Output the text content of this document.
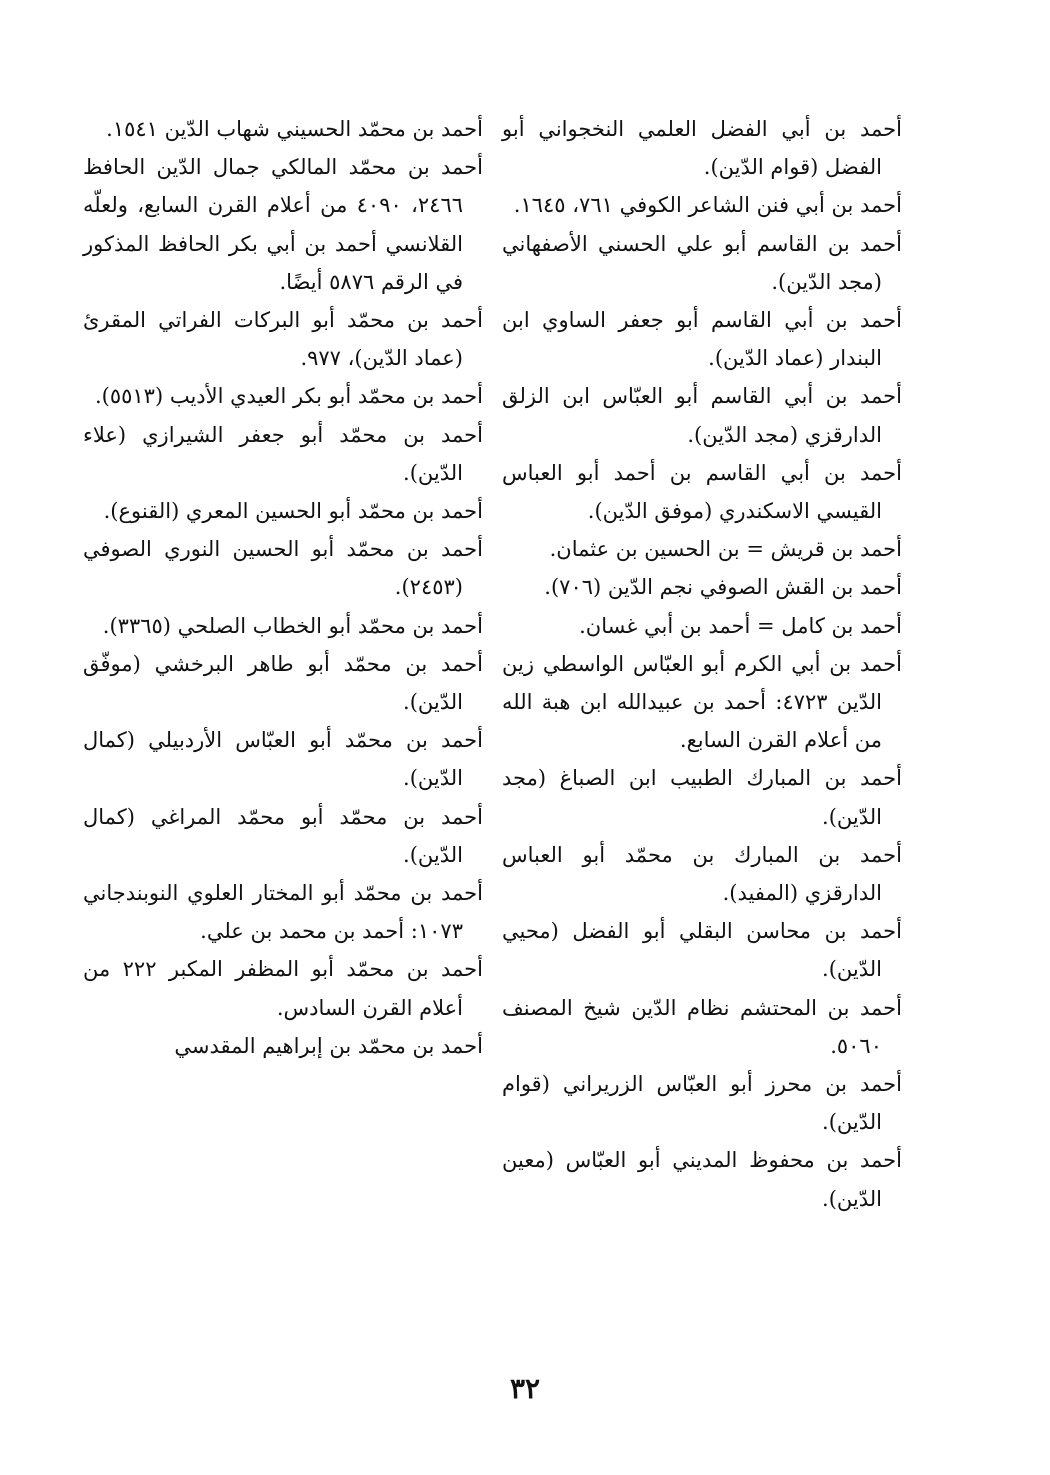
أحمد بن أبي الفضل العلمي النخجواني أبو الفضل (قوام الدّين).

أحمد بن أبي فنن الشاعر الكوفي ٧٦١، ١٦٤٥.

أحمد بن القاسم أبو علي الحسني الأصفهاني (مجد الدّين).

أحمد بن أبي القاسم أبو جعفر الساوي ابن البندار (عماد الدّين).

أحمد بن أبي القاسم أبو العبّاس ابن الزلق الدارقزي (مجد الدّين).

أحمد بن أبي القاسم بن أحمد أبو العباس القيسي الاسكندري (موفق الدّين).

أحمد بن قريش = بن الحسين بن عثمان.

أحمد بن القش الصوفي نجم الدّين (٧٠٦).

أحمد بن كامل = أحمد بن أبي غسان.

أحمد بن أبي الكرم أبو العبّاس الواسطي زين الدّين ٤٧٢٣: أحمد بن عبيدالله ابن هبة الله من أعلام القرن السابع.

أحمد بن المبارك الطبيب ابن الصباغ (مجد الدّين).

أحمد بن المبارك بن محمّد أبو العباس الدارقزي (المفيد).

أحمد بن محاسن البقلي أبو الفضل (محيي الدّين).

أحمد بن المحتشم نظام الدّين شيخ المصنف ٥٠٦٠.

أحمد بن محرز أبو العبّاس الزريراني (قوام الدّين).

أحمد بن محفوظ المديني أبو العبّاس (معين الدّين).

أحمد بن محمّد الحسيني شهاب الدّين ١٥٤١.

أحمد بن محمّد المالكي جمال الدّين الحافظ ٢٤٦٦، ٤٠٩٠ من أعلام القرن السابع، ولعلّه القلانسي أحمد بن أبي بكر الحافظ المذكور في الرقم ٥٨٧٦ أيضًا.

أحمد بن محمّد أبو البركات الفراتي المقرئ (عماد الدّين)، ٩٧٧.

أحمد بن محمّد أبو بكر العيدي الأديب (٥٥١٣).

أحمد بن محمّد أبو جعفر الشيرازي (علاء الدّين).

أحمد بن محمّد أبو الحسين المعري (القنوع).

أحمد بن محمّد أبو الحسين النوري الصوفي (٢٤٥٣).

أحمد بن محمّد أبو الخطاب الصلحي (٣٣٦٥).

أحمد بن محمّد أبو طاهر البرخشي (موفّق الدّين).

أحمد بن محمّد أبو العبّاس الأردبيلي (كمال الدّين).

أحمد بن محمّد أبو محمّد المراغي (كمال الدّين).

أحمد بن محمّد أبو المختار العلوي النوبندجاني ١٠٧٣: أحمد بن محمد بن علي.

أحمد بن محمّد أبو المظفر المكبر ٢٢٢ من أعلام القرن السادس.

أحمد بن محمّد بن إبراهيم المقدسي

٣٢
